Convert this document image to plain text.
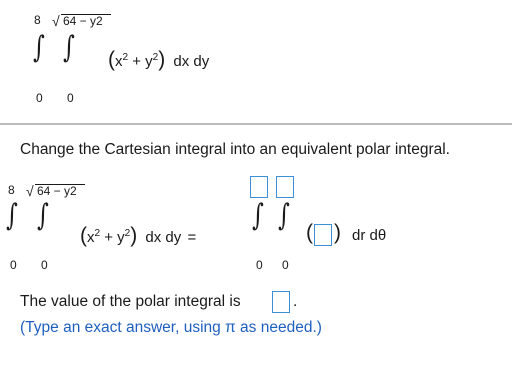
8 √ 64 − y2
∫ ∫
0 0
$(x^2 + y^2)$ dx dy
Change the Cartesian integral into an equivalent polar integral.
8 √ 64 − y2
∫ ∫
0 0
$(x^2 + y^2)$ dx dy =
∫ ∫
0 0
( ) dr dθ
The value of the polar integral is	.
(Type an exact answer, using π as needed.)
